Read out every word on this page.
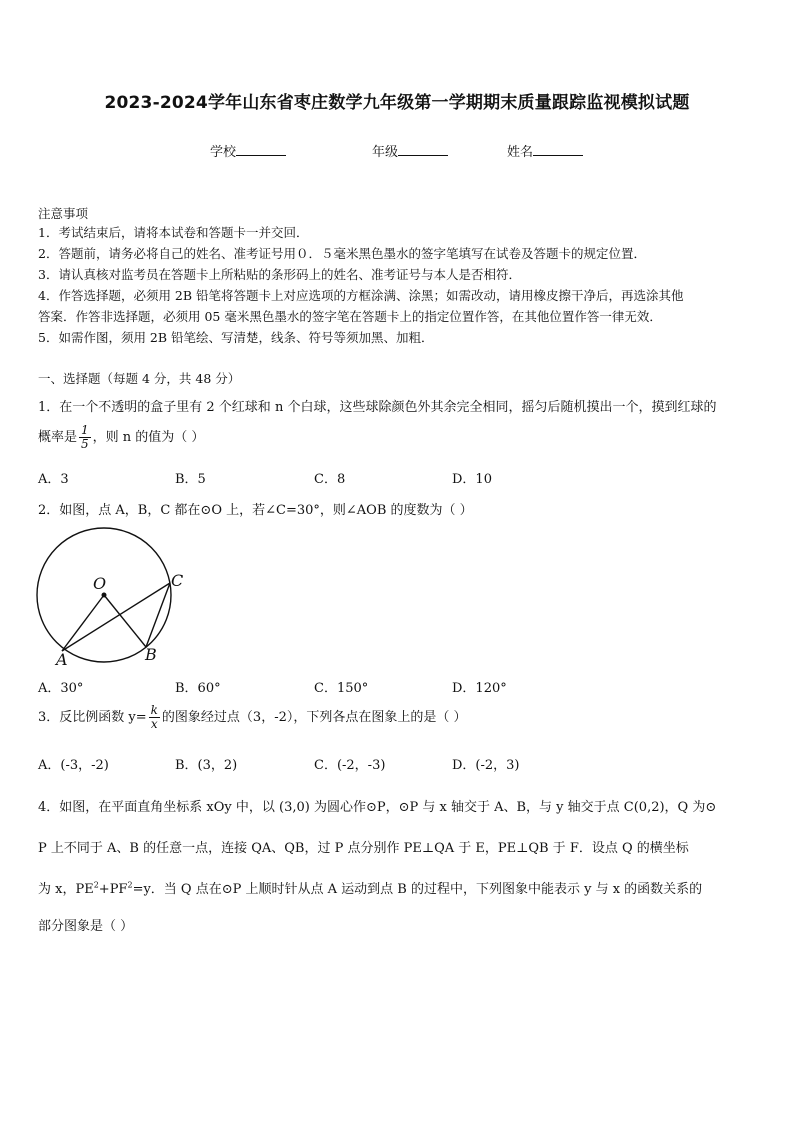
2023-2024学年山东省枣庄数学九年级第一学期期末质量跟踪监视模拟试题
学校	年级	姓名
注意事项
1．考试结束后，请将本试卷和答题卡一并交回．
2．答题前，请务必将自己的姓名、准考证号用０．５毫米黑色墨水的签字笔填写在试卷及答题卡的规定位置．
3．请认真核对监考员在答题卡上所粘贴的条形码上的姓名、准考证号与本人是否相符．
4．作答选择题，必须用 2B 铅笔将答题卡上对应选项的方框涂满、涂黑；如需改动，请用橡皮擦干净后，再选涂其他
答案．作答非选择题，必须用 05 毫米黑色墨水的签字笔在答题卡上的指定位置作答，在其他位置作答一律无效．
5．如需作图，须用 2B 铅笔绘、写清楚，线条、符号等须加黑、加粗．
一、选择题（每题 4 分，共 48 分）
1．在一个不透明的盒子里有 2 个红球和 n 个白球，这些球除颜色外其余完全相同，摇匀后随机摸出一个，摸到红球的
概率是 $\frac{1}{5}$ ，则 n 的值为（ ）
A．3	B．5	C．8	D．10
2．如图，点 A，B，C 都在⊙O 上，若∠C=30°，则∠AOB 的度数为（ ）
O	C
A	B
A．30°	B．60°	C．150°	D．120°
3．反比例函数 $y= \frac{k}{x}$ 的图象经过点（3，-2），下列各点在图象上的是（ ）
A．(-3，-2)	B．(3，2)	C．(-2，-3)	D．(-2，3)
4．如图，在平面直角坐标系 xOy 中，以 (3,0) 为圆心作⊙P，⊙P 与 x 轴交于 A、B，与 y 轴交于点 C(0,2)，Q 为⊙
P 上不同于 A、B 的任意一点，连接 QA、QB，过 P 点分别作 PE⊥QA 于 E，PE⊥QB 于 F．设点 Q 的横坐标
为 x，$PE^2+PF^2=y$．当 Q 点在⊙P 上顺时针从点 A 运动到点 B 的过程中，下列图象中能表示 y 与 x 的函数关系的
部分图象是（ ）
